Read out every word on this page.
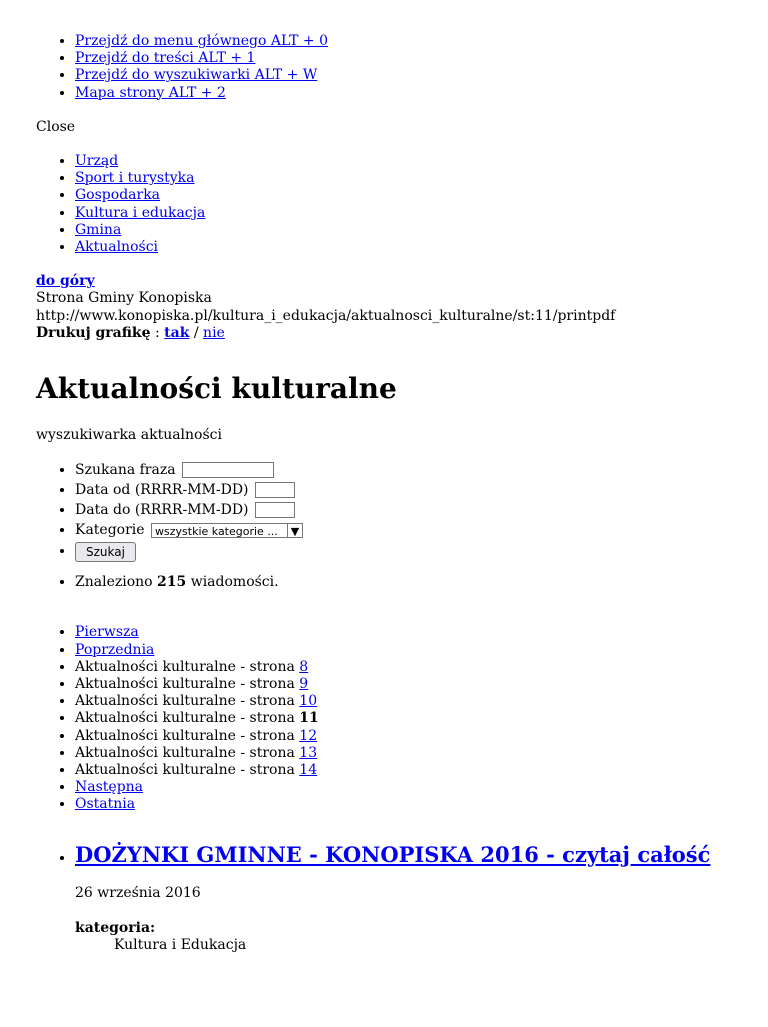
• Przejdź do menu głównego ALT + 0
• Przejdź do treści ALT + 1
• Przejdź do wyszukiwarki ALT + W
• Mapa strony ALT + 2
Close
• Urząd
• Sport i turystyka
• Gospodarka
• Kultura i edukacja
• Gmina
• Aktualności
do góry
Strona Gminy Konopiska
http://www.konopiska.pl/kultura_i_edukacja/aktualnosci_kulturalne/st:11/printpdf
Drukuj grafikę : tak / nie
Aktualności kulturalne
wyszukiwarka aktualności
• Szukana fraza
• Data od (RRRR-MM-DD)
• Data do (RRRR-MM-DD)
• Kategorie wszystkie kategorie ...	▼
• Szukaj
• Znaleziono 215 wiadomości.
• Pierwsza
• Poprzednia
• Aktualności kulturalne - strona 8
• Aktualności kulturalne - strona 9
• Aktualności kulturalne - strona 10
• Aktualności kulturalne - strona 11
• Aktualności kulturalne - strona 12
• Aktualności kulturalne - strona 13
• Aktualności kulturalne - strona 14
• Następna
• Ostatnia
• DOŻYNKI GMINNE - KONOPISKA 2016 - czytaj całość
26 września 2016
kategoria:
Kultura i Edukacja
